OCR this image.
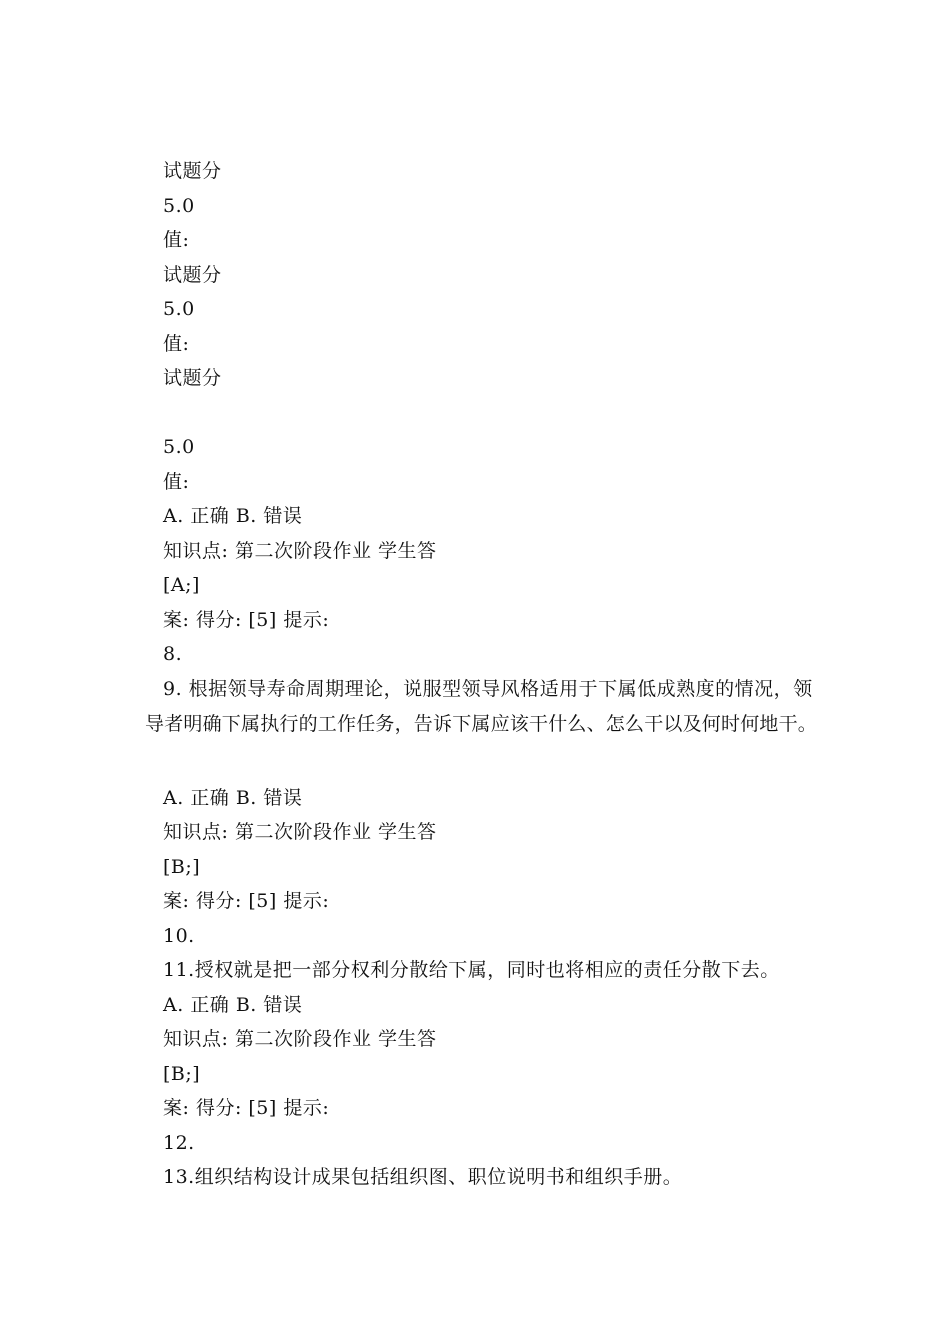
试题分
5.0
值:
试题分
5.0
值:
试题分
5.0
值:
A. 正确 B. 错误
知识点: 第二次阶段作业 学生答
[A;]
案: 得分: [5] 提示:
8.
9. 根据领导寿命周期理论，说服型领导风格适用于下属低成熟度的情况，领
导者明确下属执行的工作任务，告诉下属应该干什么、怎么干以及何时何地干。
A. 正确 B. 错误
知识点: 第二次阶段作业 学生答
[B;]
案: 得分: [5] 提示:
10.
11.授权就是把一部分权利分散给下属，同时也将相应的责任分散下去。
A. 正确 B. 错误
知识点: 第二次阶段作业 学生答
[B;]
案: 得分: [5] 提示:
12.
13.组织结构设计成果包括组织图、职位说明书和组织手册。
